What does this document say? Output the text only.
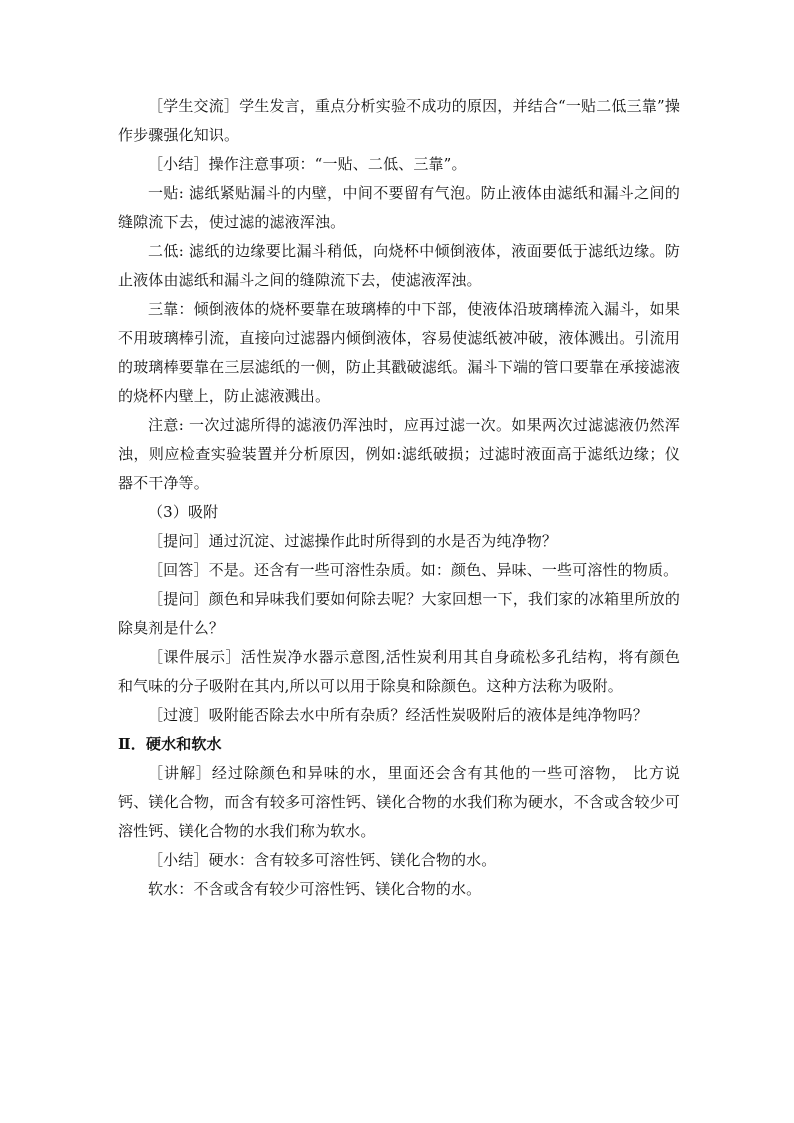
［学生交流］学生发言，重点分析实验不成功的原因，并结合“一贴二低三靠”操作步骤强化知识。

［小结］操作注意事项：“一贴、二低、三靠”。

一贴: 滤纸紧贴漏斗的内壁，中间不要留有气泡。防止液体由滤纸和漏斗之间的缝隙流下去，使过滤的滤液浑浊。

二低: 滤纸的边缘要比漏斗稍低，向烧杯中倾倒液体，液面要低于滤纸边缘。防止液体由滤纸和漏斗之间的缝隙流下去，使滤液浑浊。

三靠：倾倒液体的烧杯要靠在玻璃棒的中下部，使液体沿玻璃棒流入漏斗，如果不用玻璃棒引流，直接向过滤器内倾倒液体，容易使滤纸被冲破，液体溅出。引流用的玻璃棒要靠在三层滤纸的一侧，防止其戳破滤纸。漏斗下端的管口要靠在承接滤液的烧杯内壁上，防止滤液溅出。

注意: 一次过滤所得的滤液仍浑浊时，应再过滤一次。如果两次过滤滤液仍然浑浊，则应检查实验装置并分析原因，例如:滤纸破损；过滤时液面高于滤纸边缘；仪器不干净等。

（3）吸附

［提问］通过沉淀、过滤操作此时所得到的水是否为纯净物？

［回答］不是。还含有一些可溶性杂质。如：颜色、异味、一些可溶性的物质。

［提问］颜色和异味我们要如何除去呢？大家回想一下，我们家的冰箱里所放的除臭剂是什么？

［课件展示］活性炭净水器示意图,活性炭利用其自身疏松多孔结构，将有颜色和气味的分子吸附在其内,所以可以用于除臭和除颜色。这种方法称为吸附。

［过渡］吸附能否除去水中所有杂质？经活性炭吸附后的液体是纯净物吗？

Ⅱ．硬水和软水

［讲解］经过除颜色和异味的水，里面还会含有其他的一些可溶物， 比方说钙、镁化合物，而含有较多可溶性钙、镁化合物的水我们称为硬水，不含或含较少可溶性钙、镁化合物的水我们称为软水。

［小结］硬水：含有较多可溶性钙、镁化合物的水。

软水：不含或含有较少可溶性钙、镁化合物的水。
